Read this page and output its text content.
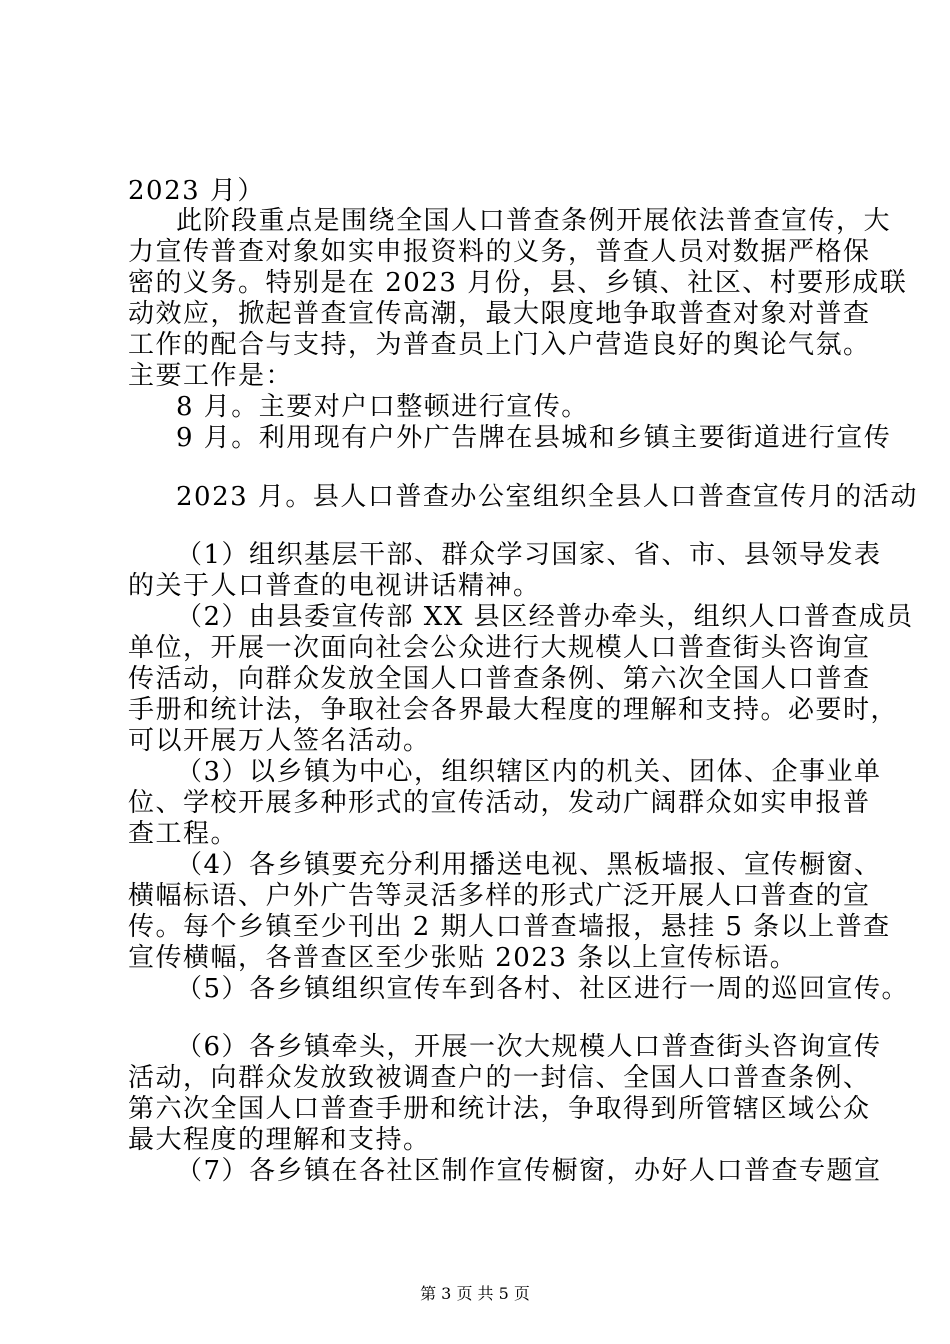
2023 月）
此阶段重点是围绕全国人口普查条例开展依法普查宣传，大
力宣传普查对象如实申报资料的义务，普查人员对数据严格保
密的义务。特别是在 2023 月份，县、乡镇、社区、村要形成联
动效应，掀起普查宣传高潮，最大限度地争取普查对象对普查
工作的配合与支持，为普查员上门入户营造良好的舆论气氛。
主要工作是：
8 月。主要对户口整顿进行宣传。
9 月。利用现有户外广告牌在县城和乡镇主要街道进行宣传
2023 月。县人口普查办公室组织全县人口普查宣传月的活动
（1）组织基层干部、群众学习国家、省、市、县领导发表
的关于人口普查的电视讲话精神。
（2）由县委宣传部 XX 县区经普办牵头，组织人口普查成员
单位，开展一次面向社会公众进行大规模人口普查街头咨询宣
传活动，向群众发放全国人口普查条例、第六次全国人口普查
手册和统计法，争取社会各界最大程度的理解和支持。必要时，
可以开展万人签名活动。
（3）以乡镇为中心，组织辖区内的机关、团体、企事业单
位、学校开展多种形式的宣传活动，发动广阔群众如实申报普
查工程。
（4）各乡镇要充分利用播送电视、黑板墙报、宣传橱窗、
横幅标语、户外广告等灵活多样的形式广泛开展人口普查的宣
传。每个乡镇至少刊出 2 期人口普查墙报，悬挂 5 条以上普查
宣传横幅，各普查区至少张贴 2023 条以上宣传标语。
（5）各乡镇组织宣传车到各村、社区进行一周的巡回宣传。
（6）各乡镇牵头，开展一次大规模人口普查街头咨询宣传
活动，向群众发放致被调查户的一封信、全国人口普查条例、
第六次全国人口普查手册和统计法，争取得到所管辖区域公众
最大程度的理解和支持。
（7）各乡镇在各社区制作宣传橱窗，办好人口普查专题宣
第 3 页 共 5 页
